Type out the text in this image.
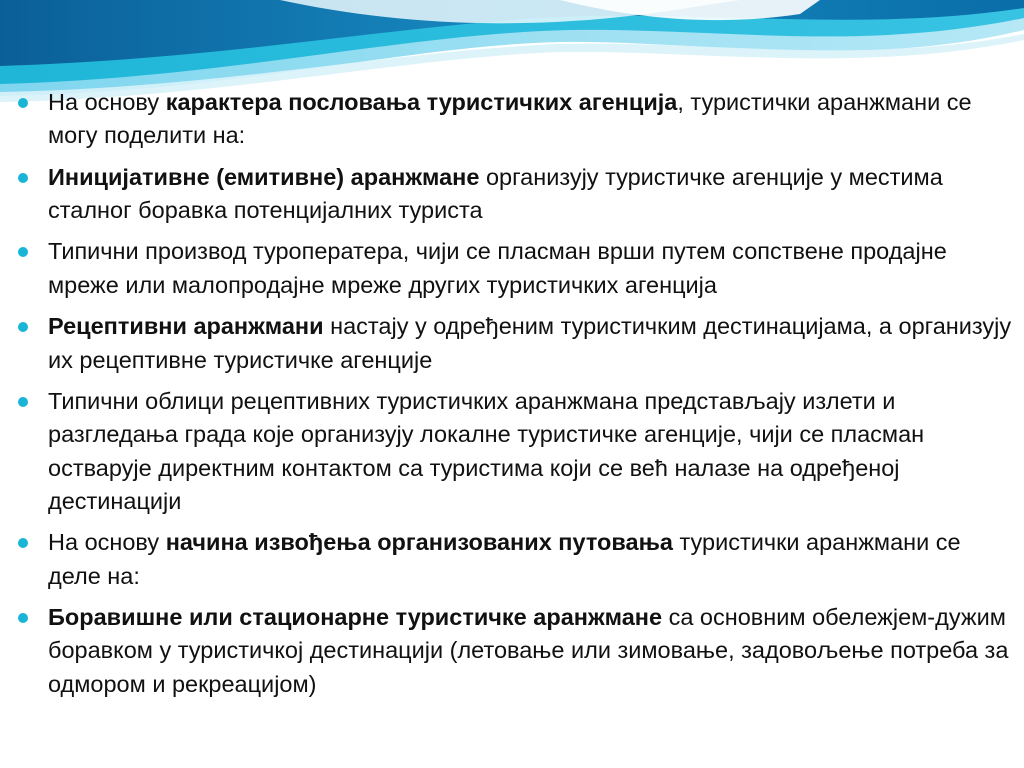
На основу карактера пословања туристичких агенција, туристички аранжмани се могу поделити на:
Иницијативне (емитивне) аранжмане организују туристичке агенције у местима сталног боравка потенцијалних туриста
Типични производ туроператера, чији се пласман врши путем сопствене продајне мреже или малопродајне мреже других туристичких агенција
Рецептивни аранжмани настају у одређеним туристичким дестинацијама, а организују их рецептивне туристичке агенције
Типични облици рецептивних туристичких аранжмана представљају излети и разгледања града које организују локалне туристичке агенције, чији се пласман остварује директним контактом са туристима који се већ налазе на одређеној дестинацији
На основу начина извођења организованих путовања туристички аранжмани се деле на:
Боравишне или стационарне туристичке аранжмане са основним обележјем-дужим боравком у туристичкој дестинацији (летовање или зимовање, задовољење потреба за одмором и рекреацијом)
